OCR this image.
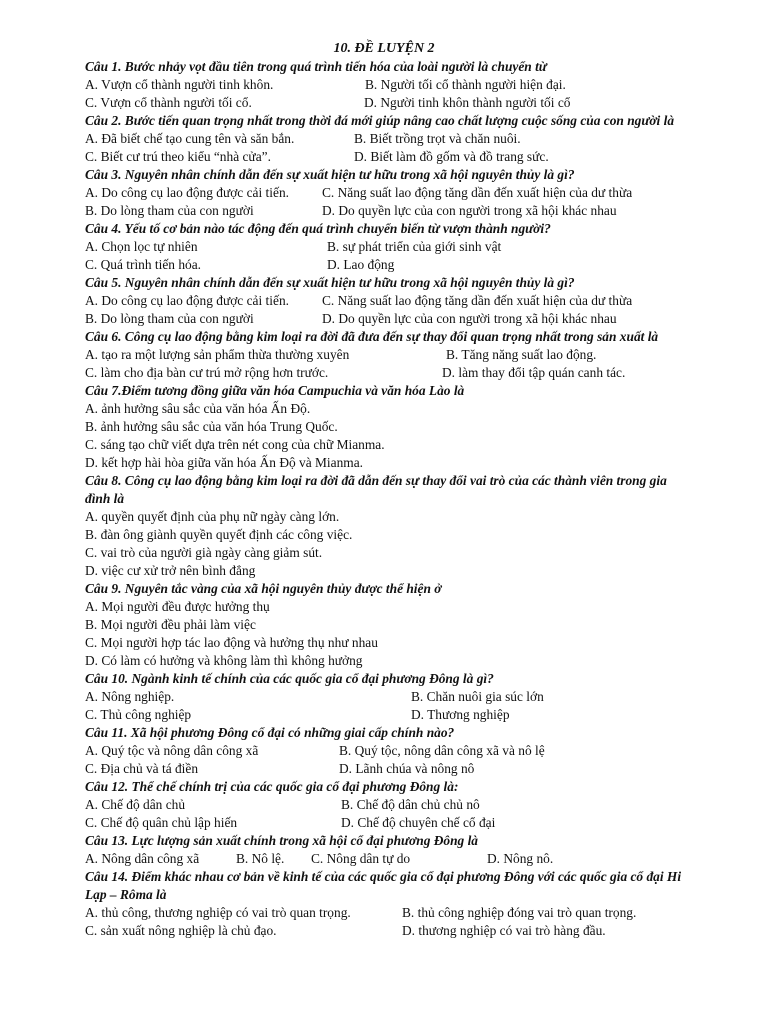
10. ĐỀ LUYỆN 2
Câu 1. Bước nhảy vọt đầu tiên trong quá trình tiến hóa của loài người là chuyển từ
A. Vượn cổ thành người tinh khôn.	B. Người tối cổ thành người hiện đại.
C. Vượn cổ thành người tối cổ.	D. Người tinh khôn thành người tối cổ
Câu 2. Bước tiến quan trọng nhất trong thời đá mới giúp nâng cao chất lượng cuộc sống của con người là
A. Đã biết chế tạo cung tên và săn bắn.	B. Biết trồng trọt và chăn nuôi.
C. Biết cư trú theo kiểu “nhà cửa”.	D. Biết làm đồ gốm và đồ trang sức.
Câu 3. Nguyên nhân chính dẫn đến sự xuất hiện tư hữu trong xã hội nguyên thủy là gì?
A. Do công cụ lao động được cải tiến. C. Năng suất lao động tăng dần đến xuất hiện của dư thừa
B. Do lòng tham của con người	D. Do quyền lực của con người trong xã hội khác nhau
Câu 4. Yếu tố cơ bản nào tác động đến quá trình chuyển biến từ vượn thành người?
A. Chọn lọc tự nhiên	B. sự phát triển của giới sinh vật
C. Quá trình tiến hóa.	D. Lao động
Câu 5. Nguyên nhân chính dẫn đến sự xuất hiện tư hữu trong xã hội nguyên thủy là gì?
A. Do công cụ lao động được cải tiến. C. Năng suất lao động tăng dần đến xuất hiện của dư thừa
B. Do lòng tham của con người	D. Do quyền lực của con người trong xã hội khác nhau
Câu 6. Công cụ lao động bằng kim loại ra đời đã đưa đến sự thay đổi quan trọng nhất trong sản xuất là
A. tạo ra một lượng sản phẩm thừa thường xuyên	B. Tăng năng suất lao động.
C. làm cho địa bàn cư trú mở rộng hơn trước.	D. làm thay đổi tập quán canh tác.
Câu 7.Điểm tương đồng giữa văn hóa Campuchia và văn hóa Lào là
A. ảnh hưởng sâu sắc của văn hóa Ấn Độ.
B. ảnh hưởng sâu sắc của văn hóa Trung Quốc.
C. sáng tạo chữ viết dựa trên nét cong của chữ Mianma.
D. kết hợp hài hòa giữa văn hóa Ấn Độ và Mianma.
Câu 8. Công cụ lao động bằng kim loại ra đời đã dẫn đến sự thay đổi vai trò của các thành viên trong gia đình là
A. quyền quyết định của phụ nữ ngày càng lớn.
B. đàn ông giành quyền quyết định các công việc.
C. vai trò của người già ngày càng giảm sút.
D. việc cư xử trở nên bình đẳng
Câu 9. Nguyên tắc vàng của xã hội nguyên thủy được thể hiện ở
A. Mọi người đều được hưởng thụ
B. Mọi người đều phải làm việc
C. Mọi người hợp tác lao động và hưởng thụ như nhau
D. Có làm có hưởng và không làm thì không hưởng
Câu 10. Ngành kinh tế chính của các quốc gia cổ đại phương Đông là gì?
A. Nông nghiệp.	B. Chăn nuôi gia súc lớn
C. Thủ công nghiệp	D. Thương nghiệp
Câu 11. Xã hội phương Đông cổ đại có những giai cấp chính nào?
A. Quý tộc và nông dân công xã	B. Quý tộc, nông dân công xã và nô lệ
C. Địa chủ và tá điền	D. Lãnh chúa và nông nô
Câu 12. Thể chế chính trị của các quốc gia cổ đại phương Đông là:
A. Chế độ dân chủ	B. Chế độ dân chủ chủ nô
C. Chế độ quân chủ lập hiến	D. Chế độ chuyên chế cổ đại
Câu 13. Lực lượng sản xuất chính trong xã hội cổ đại phương Đông là
A. Nông dân công xã	B. Nô lệ. C. Nông dân tự do	D. Nông nô.
Câu 14. Điểm khác nhau cơ bản về kinh tế của các quốc gia cổ đại phương Đông với các quốc gia cổ đại Hi Lạp – Rôma là
A. thủ công, thương nghiệp có vai trò quan trọng.	B. thủ công nghiệp đóng vai trò quan trọng.
C. sản xuất nông nghiệp là chủ đạo.	D. thương nghiệp có vai trò hàng đầu.
